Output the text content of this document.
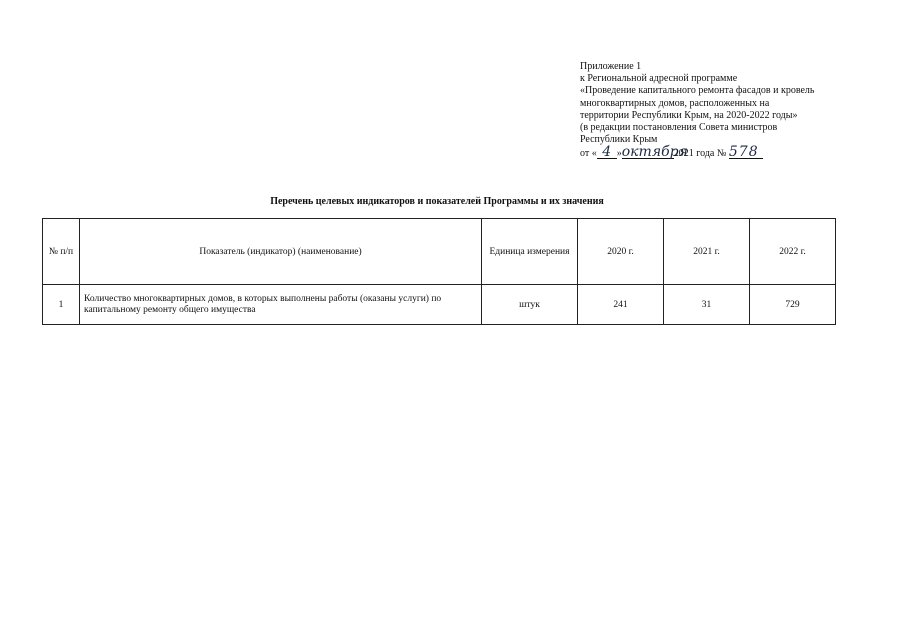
Приложение 1
к Региональной адресной программе
«Проведение капитального ремонта фасадов и кровель
многоквартирных домов, расположенных на
территории Республики Крым, на 2020-2022 годы»
(в редакции постановления Совета министров
Республики Крым
от « 4 »октября2021 года № 578
Перечень целевых индикаторов и показателей Программы и их значения
№ п/п	Показатель (индикатор) (наименование)	Единица измерения	2020 г.	2021 г.	2022 г.
1	Количество многоквартирных домов, в которых выполнены работы (оказаны услуги) по капитальному ремонту общего имущества	штук	241	31	729
